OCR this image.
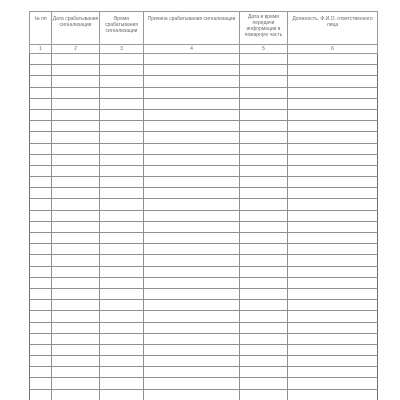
№ пп	Дата срабатывания сигнализации	Время срабатывания сигнализации	Причина срабатывания сигнализации	Дата и время передачи информации в пожарную часть	Должность, Ф.И.О. ответственного лица
1	2	3	4	5	6
